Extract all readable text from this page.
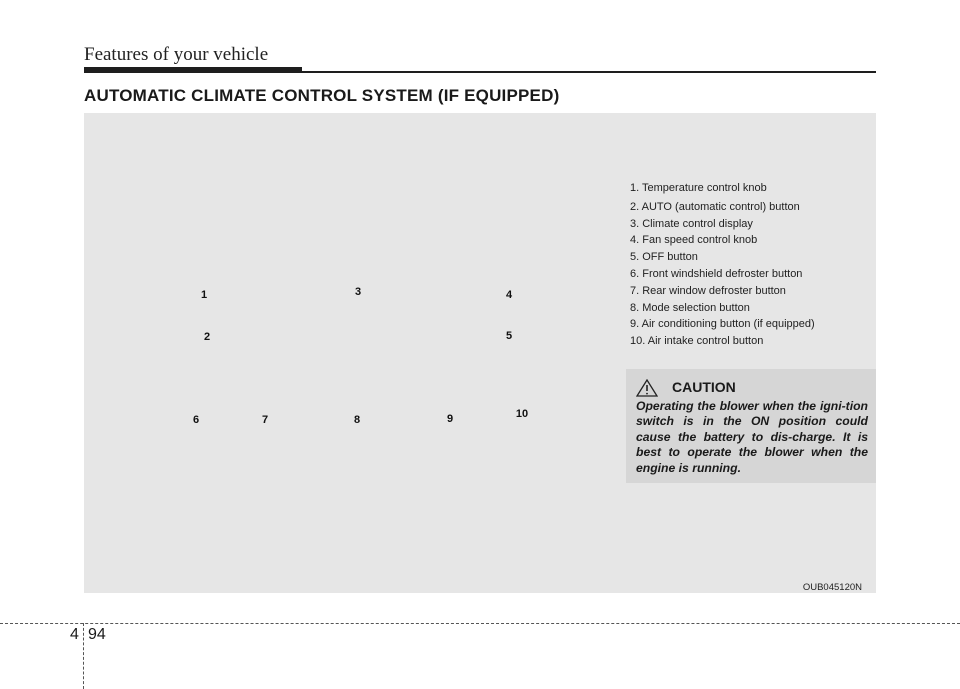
Features of your vehicle
AUTOMATIC CLIMATE CONTROL SYSTEM (IF EQUIPPED)
OUB045120N
1
2
3	4
5
6	7	8	9	10
1. Temperature control knob
2. AUTO (automatic control) button
3. Climate control display
4. Fan speed control knob
5. OFF button
6. Front windshield defroster button
7. Rear window defroster button
8. Mode selection button
9. Air conditioning button (if equipped)
10. Air intake control button
CAUTION

Operating the blower when the igni-tion switch is in the ON position could cause the battery to dis-charge. It is best to operate the blower when the engine is running.

4 94
